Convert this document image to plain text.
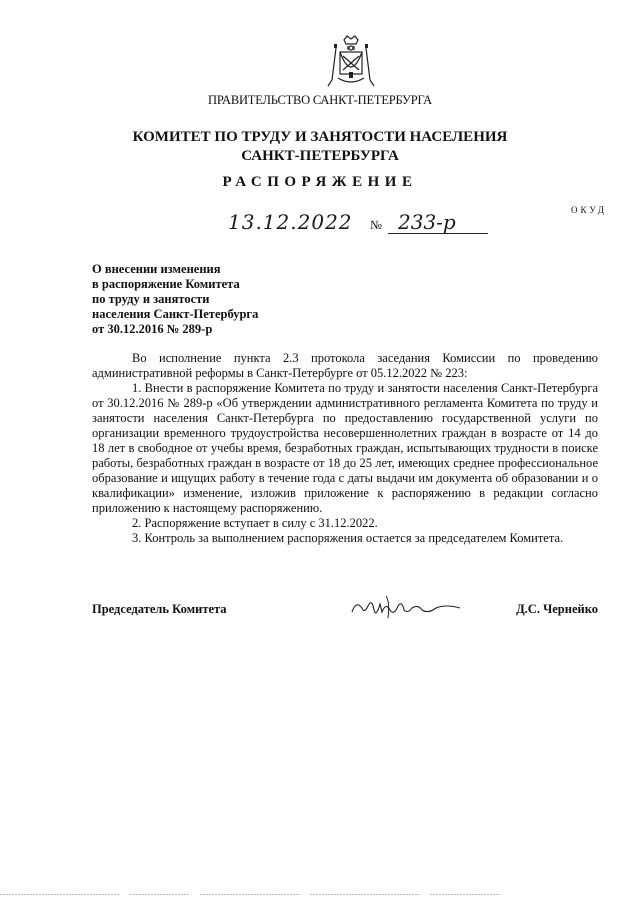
ПРАВИТЕЛЬСТВО САНКТ-ПЕТЕРБУРГА
КОМИТЕТ ПО ТРУДУ И ЗАНЯТОСТИ НАСЕЛЕНИЯ
САНКТ-ПЕТЕРБУРГА
РАСПОРЯЖЕНИЕ
ОКУД
13.12.2022 № 233-р
О внесении изменения
в распоряжение Комитета
по труду и занятости
населения Санкт-Петербурга
от 30.12.2016 № 289-р

Во исполнение пункта 2.3 протокола заседания Комиссии по проведению административной реформы в Санкт-Петербурге от 05.12.2022 № 223:

1. Внести в распоряжение Комитета по труду и занятости населения Санкт-Петербурга от 30.12.2016 № 289-р «Об утверждении административного регламента Комитета по труду и занятости населения Санкт-Петербурга по предоставлению государственной услуги по организации временного трудоустройства несовершеннолетних граждан в возрасте от 14 до 18 лет в свободное от учебы время, безработных граждан, испытывающих трудности в поиске работы, безработных граждан в возрасте от 18 до 25 лет, имеющих среднее профессиональное образование и ищущих работу в течение года с даты выдачи им документа об образовании и о квалификации» изменение, изложив приложение к распоряжению в редакции согласно приложению к настоящему распоряжению.

2. Распоряжение вступает в силу с 31.12.2022.

3. Контроль за выполнением распоряжения остается за председателем Комитета.

Председатель Комитета	Д.С. Чернейко
